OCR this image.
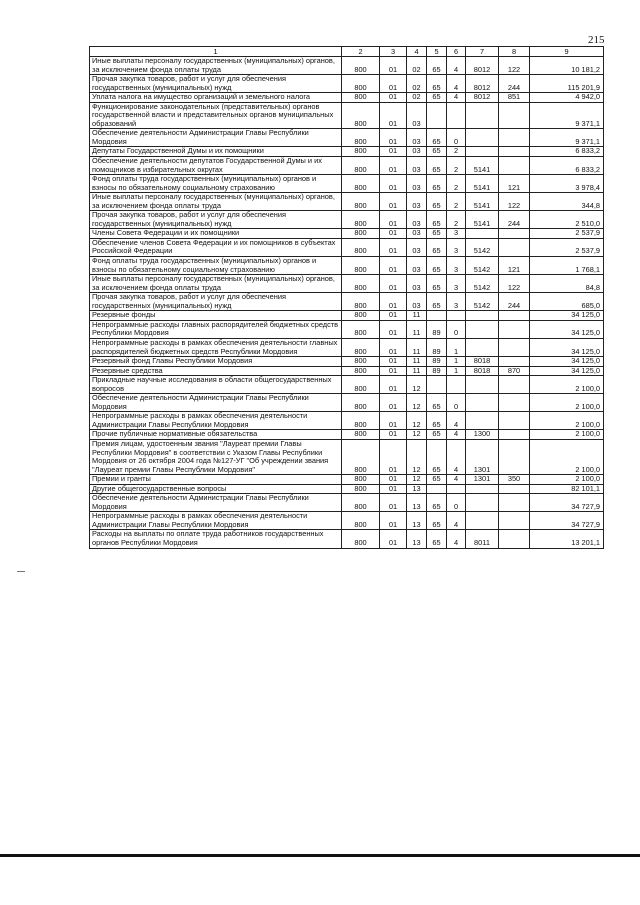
215
1	2	3	4	5	6	7	8	9
Иные выплаты персоналу государственных (муниципальных) органов, за исключением фонда оплаты труда	800	01	02	65	4	8012	122	10 181,2
Прочая закупка товаров, работ и услуг для обеспечения государственных (муниципальных) нужд	800	01	02	65	4	8012	244	115 201,9
Уплата налога на имущество организаций и земельного налога	800	01	02	65	4	8012	851	4 942,0
Функционирование законодательных (представительных) органов государственной власти и представительных органов муниципальных образований	800	01	03					9 371,1
Обеспечение деятельности Администрации Главы Республики Мордовия	800	01	03	65	0			9 371,1
Депутаты Государственной Думы и их помощники	800	01	03	65	2			6 833,2
Обеспечение деятельности депутатов Государственной Думы и их помощников в избирательных округах	800	01	03	65	2	5141		6 833,2
Фонд оплаты труда государственных (муниципальных) органов и взносы по обязательному социальному страхованию	800	01	03	65	2	5141	121	3 978,4
Иные выплаты персоналу государственных (муниципальных) органов, за исключением фонда оплаты труда	800	01	03	65	2	5141	122	344,8
Прочая закупка товаров, работ и услуг для обеспечения государственных (муниципальных) нужд	800	01	03	65	2	5141	244	2 510,0
Члены Совета Федерации и их помощники	800	01	03	65	3			2 537,9
Обеспечение членов Совета Федерации и их помощников в субъектах Российской Федерации	800	01	03	65	3	5142		2 537,9
Фонд оплаты труда государственных (муниципальных) органов и взносы по обязательному социальному страхованию	800	01	03	65	3	5142	121	1 768,1
Иные выплаты персоналу государственных (муниципальных) органов, за исключением фонда оплаты труда	800	01	03	65	3	5142	122	84,8
Прочая закупка товаров, работ и услуг для обеспечения государственных (муниципальных) нужд	800	01	03	65	3	5142	244	685,0
Резервные фонды	800	01	11					34 125,0
Непрограммные расходы главных распорядителей бюджетных средств Республики Мордовия	800	01	11	89	0			34 125,0
Непрограммные расходы в рамках обеспечения деятельности главных распорядителей бюджетных средств Республики Мордовия	800	01	11	89	1			34 125,0
Резервный фонд Главы Республики Мордовия	800	01	11	89	1	8018		34 125,0
Резервные средства	800	01	11	89	1	8018	870	34 125,0
Прикладные научные исследования в области общегосударственных вопросов	800	01	12					2 100,0
Обеспечение деятельности Администрации Главы Республики Мордовия	800	01	12	65	0			2 100,0
Непрограммные расходы в рамках обеспечения деятельности Администрации Главы Республики Мордовия	800	01	12	65	4			2 100,0
Прочие публичные нормативные обязательства	800	01	12	65	4	1300		2 100,0
Премия лицам, удостоенным звания "Лауреат премии Главы Республики Мордовия" в соответствии с Указом Главы Республики Мордовия от 26 октября 2004 года №127-УГ "Об учреждении звания "Лауреат премии Главы Республики Мордовия"	800	01	12	65	4	1301		2 100,0
Премии и гранты	800	01	12	65	4	1301	350	2 100,0
Другие общегосударственные вопросы	800	01	13					82 101,1
Обеспечение деятельности Администрации Главы Республики Мордовия	800	01	13	65	0			34 727,9
Непрограммные расходы в рамках обеспечения деятельности Администрации Главы Республики Мордовия	800	01	13	65	4			34 727,9
Расходы на выплаты по оплате труда работников государственных органов Республики Мордовия	800	01	13	65	4	8011		13 201,1
